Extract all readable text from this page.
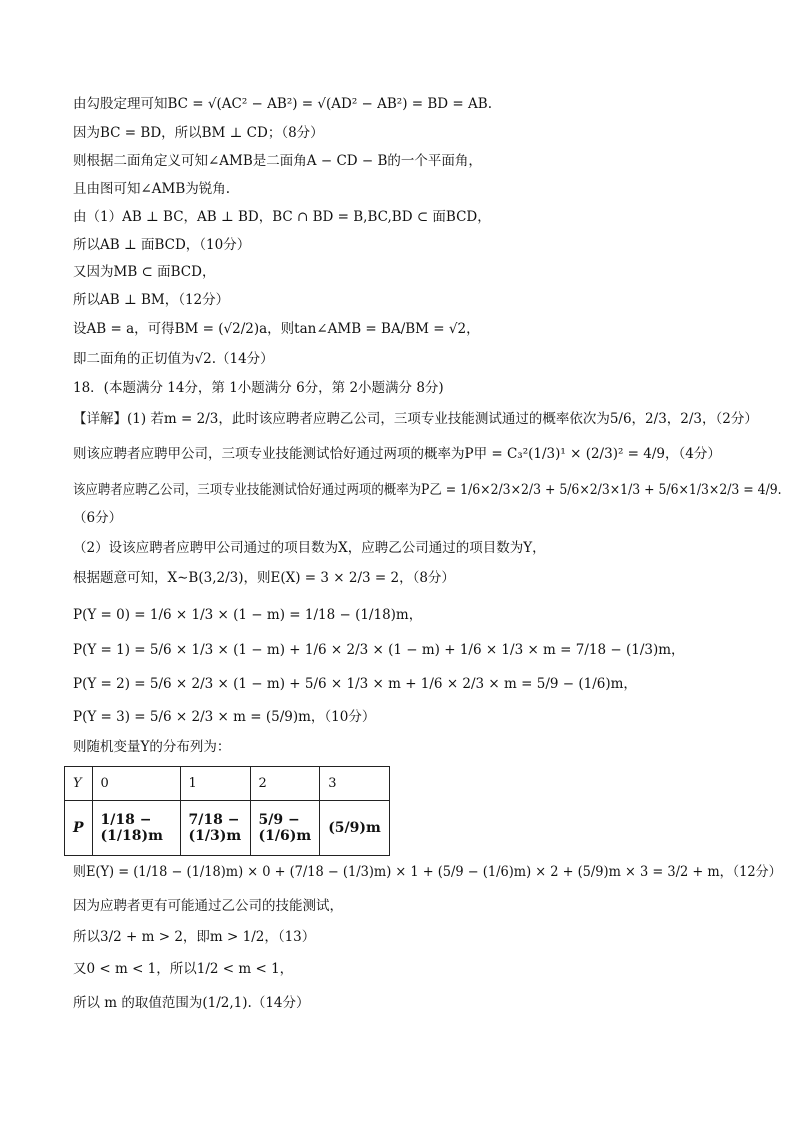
由勾股定理可知BC = √(AC² − AB²) = √(AD² − AB²) = BD = AB.
因为BC = BD，所以BM ⊥ CD；（8分）
则根据二面角定义可知∠AMB是二面角A − CD − B的一个平面角，
且由图可知∠AMB为锐角.
由（1）AB ⊥ BC，AB ⊥ BD，BC ∩ BD = B,BC,BD ⊂ 面BCD，
所以AB ⊥ 面BCD，（10分）
又因为MB ⊂ 面BCD，
所以AB ⊥ BM，（12分）
设AB = a，可得BM = (√2/2)a，则tan∠AMB = BA/BM = √2，
即二面角的正切值为√2.（14分）
18．(本题满分 14分，第 1小题满分 6分，第 2小题满分 8分)
【详解】(1) 若m = 2/3，此时该应聘者应聘乙公司，三项专业技能测试通过的概率依次为5/6，2/3，2/3，（2分）
则该应聘者应聘甲公司，三项专业技能测试恰好通过两项的概率为P甲 = C₃²(1/3)¹ × (2/3)² = 4/9，（4分）
该应聘者应聘乙公司，三项专业技能测试恰好通过两项的概率为P乙 = 1/6×2/3×2/3 + 5/6×2/3×1/3 + 5/6×1/3×2/3 = 4/9.
（6分）
（2）设该应聘者应聘甲公司通过的项目数为X，应聘乙公司通过的项目数为Y，
根据题意可知，X∼B(3,2/3)，则E(X) = 3 × 2/3 = 2，（8分）
P(Y = 0) = 1/6 × 1/3 × (1 − m) = 1/18 − (1/18)m，
P(Y = 1) = 5/6 × 1/3 × (1 − m) + 1/6 × 2/3 × (1 − m) + 1/6 × 1/3 × m = 7/18 − (1/3)m，
P(Y = 2) = 5/6 × 2/3 × (1 − m) + 5/6 × 1/3 × m + 1/6 × 2/3 × m = 5/9 − (1/6)m，
P(Y = 3) = 5/6 × 2/3 × m = (5/9)m，（10分）
则随机变量Y的分布列为：
则E(Y) = (1/18 − (1/18)m) × 0 + (7/18 − (1/3)m) × 1 + (5/9 − (1/6)m) × 2 + (5/9)m × 3 = 3/2 + m，（12分）
因为应聘者更有可能通过乙公司的技能测试，
所以3/2 + m > 2，即m > 1/2，（13）
又0 < m < 1，所以1/2 < m < 1，
所以 m 的取值范围为(1/2,1).（14分）
Y	0	1	2	3
P	1/18 − (1/18)m	7/18 − (1/3)m	5/9 − (1/6)m	(5/9)m
